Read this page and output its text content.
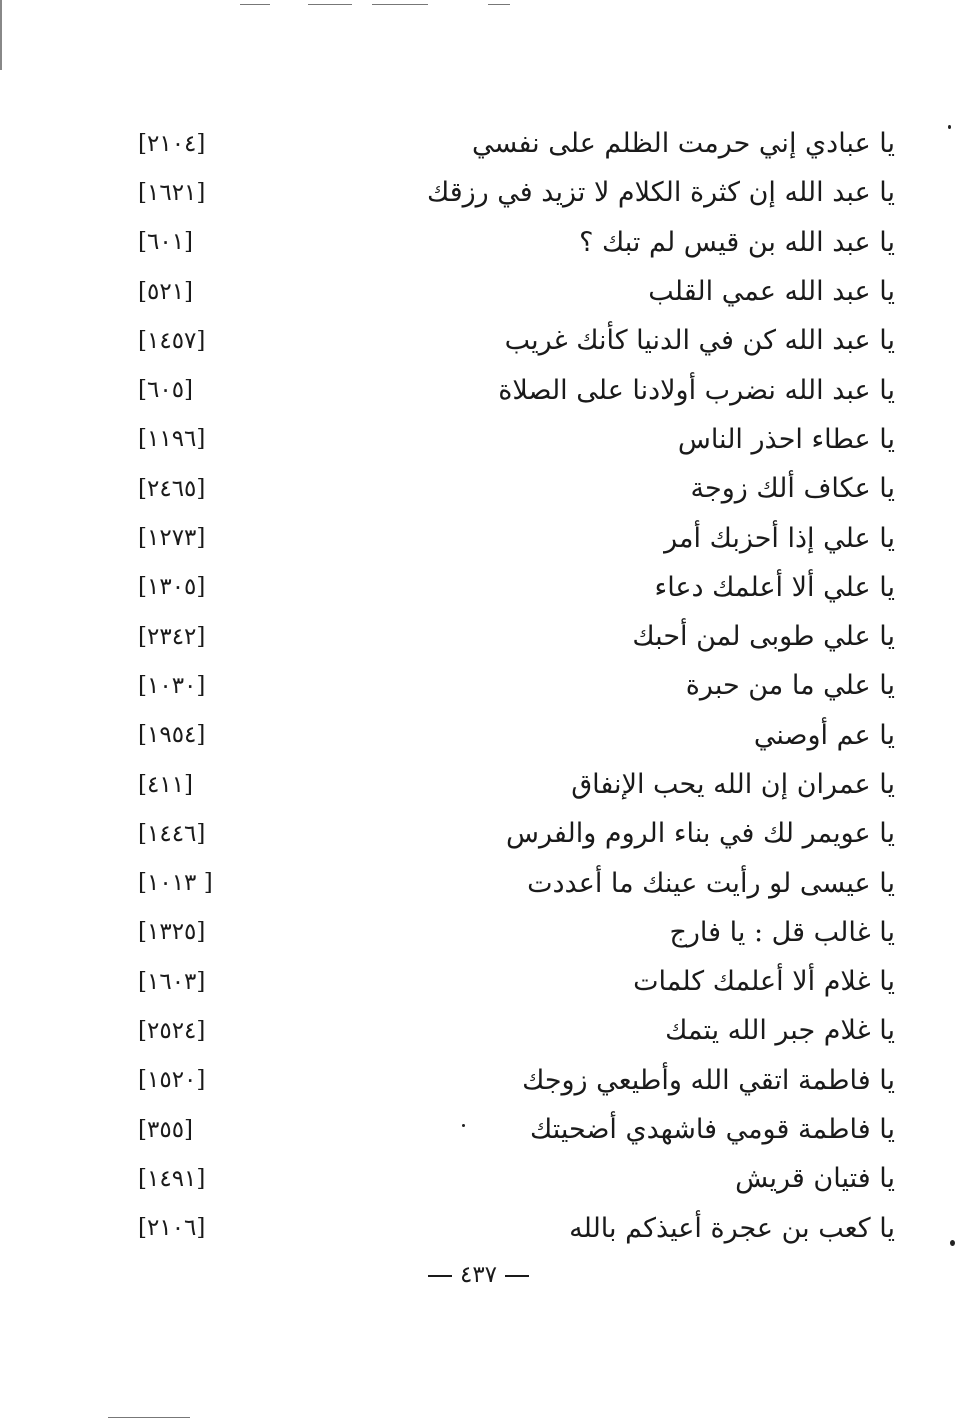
يا عبادي إني حرمت الظلم على نفسي
[٢١٠٤]
يا عبد الله إن كثرة الكلام لا تزيد في رزقك
[١٦٢١]
يا عبد الله بن قيس لم تبك ؟
[٦٠١]
يا عبد الله عمي القلب
[٥٢١]
يا عبد الله كن في الدنيا كأنك غريب
[١٤٥٧]
يا عبد الله نضرب أولادنا على الصلاة
[٦٠٥]
يا عطاء احذر الناس
[١١٩٦]
يا عكاف ألك زوجة
[٢٤٦٥]
يا علي إذا أحزبك أمر
[١٢٧٣]
يا علي ألا أعلمك دعاء
[١٣٠٥]
يا علي طوبى لمن أحبك
[٢٣٤٢]
يا علي ما من حبرة
[١٠٣٠]
يا عم أوصني
[١٩٥٤]
يا عمران إن الله يحب الإنفاق
[٤١١]
يا عويمر لك في بناء الروم والفرس
[١٤٤٦]
يا عيسى لو رأيت عينك ما أعددت
[١٠١٣ ]
يا غالب قل : يا فارج
[١٣٢٥]
يا غلام ألا أعلمك كلمات
[١٦٠٣]
يا غلام جبر الله يتمك
[٢٥٢٤]
يا فاطمة اتقي الله وأطيعي زوجك
[١٥٢٠]
يا فاطمة قومي فاشهدي أضحيتك
[٣٥٥]
يا فتيان قريش
[١٤٩١]
يا كعب بن عجرة أعيذكم بالله
[٢١٠٦]
٤٣٧
